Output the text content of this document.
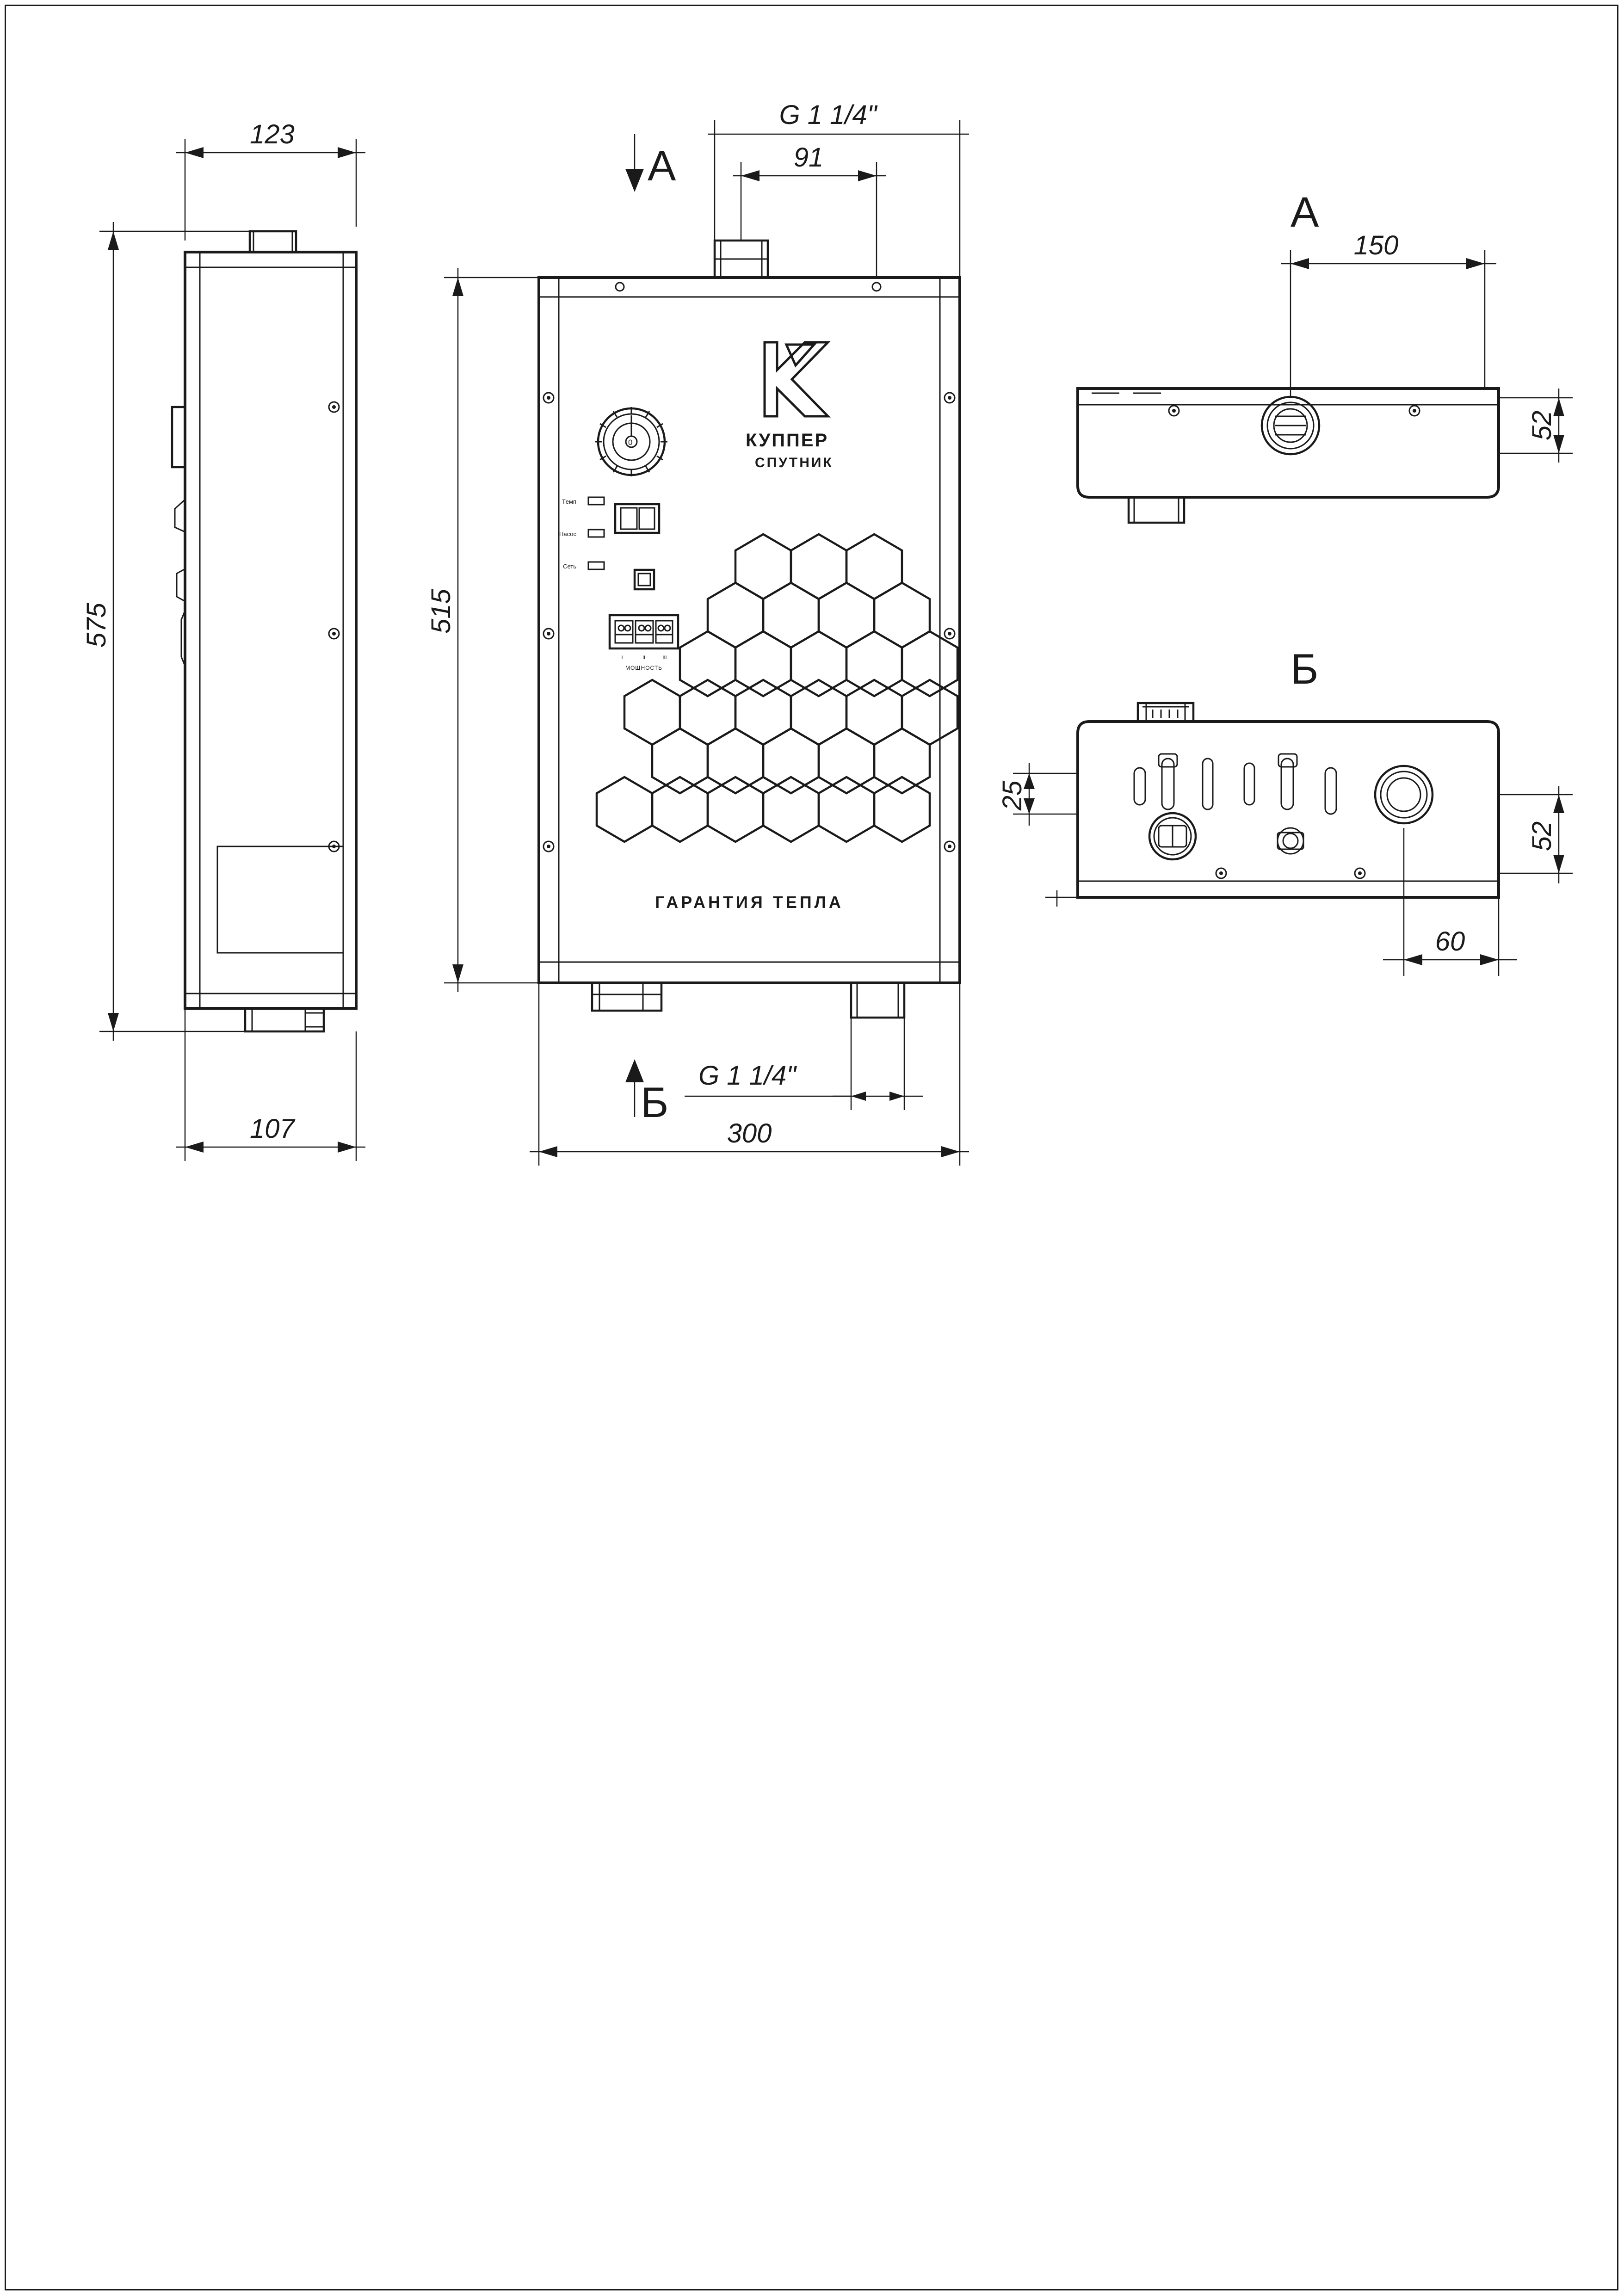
123
575
107
КУППЕР
СПУТНИК
0
Tемп
Насос
Сеть
I	II	III
МОЩНОСТЬ
ГАРАНТИЯ ТЕПЛА
A
Б
G 1 1/4"
91
515
300
G 1 1/4"
A
150
52
Б
25
52
60
